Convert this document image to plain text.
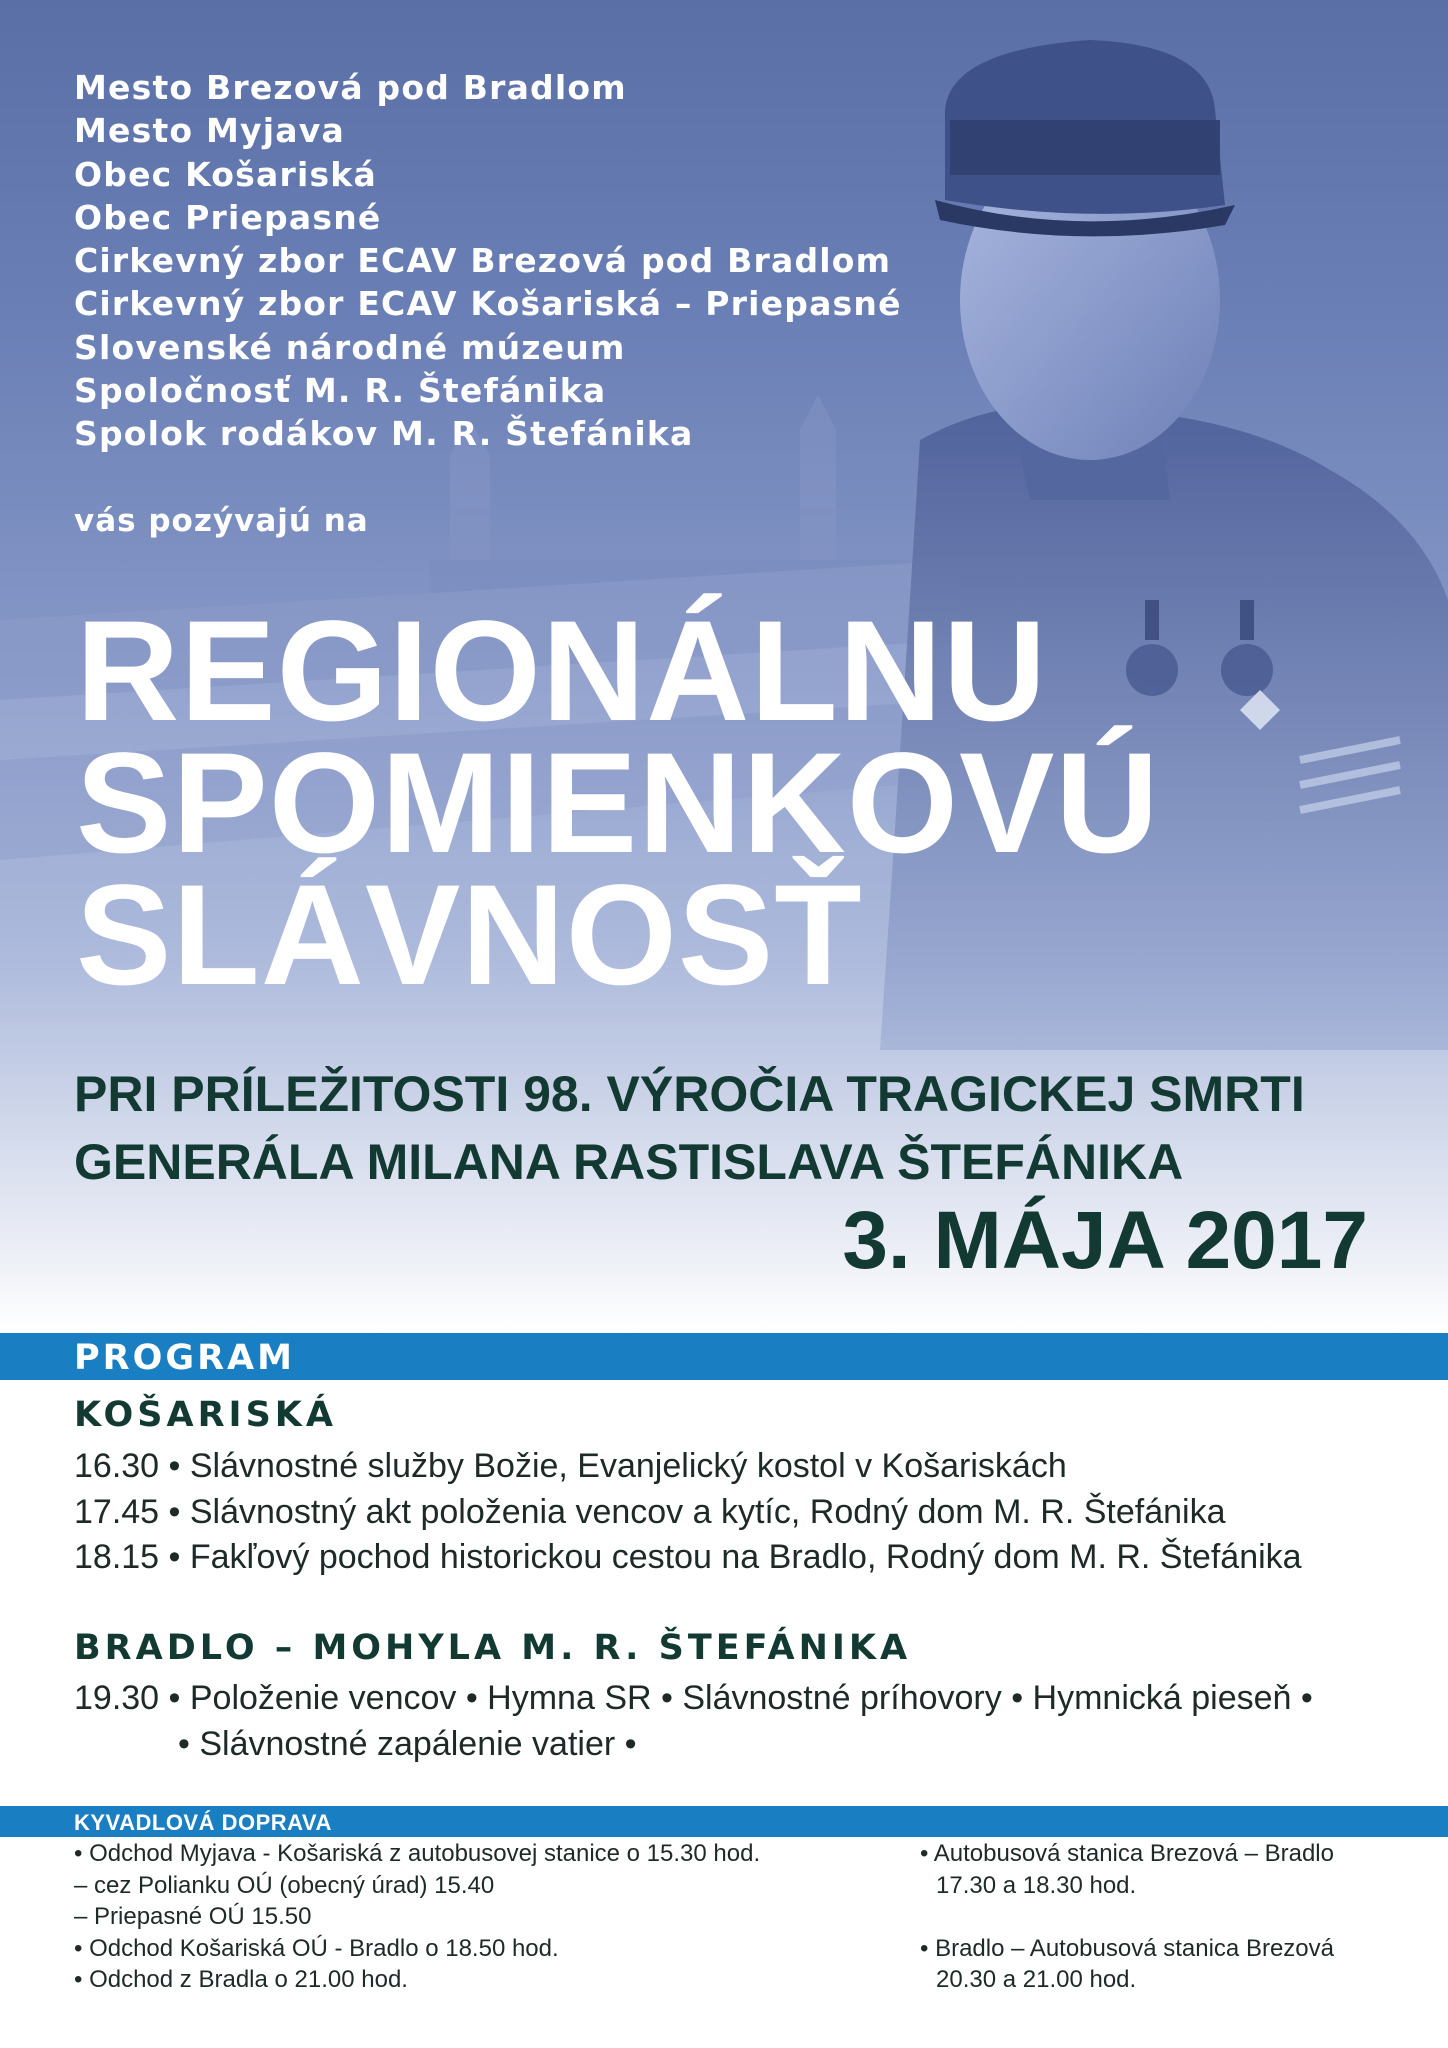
Mesto Brezová pod Bradlom
Mesto Myjava
Obec Košariská
Obec Priepasné
Cirkevný zbor ECAV Brezová pod Bradlom
Cirkevný zbor ECAV Košariská – Priepasné
Slovenské národné múzeum
Spoločnosť M. R. Štefánika
Spolok rodákov M. R. Štefánika
vás pozývajú na
REGIONÁLNU
SPOMIENKOVÚ
SLÁVNOSŤ
PRI PRÍLEŽITOSTI 98. VÝROČIA TRAGICKEJ SMRTI
GENERÁLA MILANA RASTISLAVA ŠTEFÁNIKA
3. MÁJA 2017
PROGRAM
KOŠARISKÁ
16.30 • Slávnostné služby Božie, Evanjelický kostol v Košariskách
17.45 • Slávnostný akt položenia vencov a kytíc, Rodný dom M. R. Štefánika
18.15 • Fakľový pochod historickou cestou na Bradlo, Rodný dom M. R. Štefánika
BRADLO – MOHYLA M. R. ŠTEFÁNIKA
19.30 • Položenie vencov • Hymna SR • Slávnostné príhovory • Hymnická pieseň •
• Slávnostné zapálenie vatier •
KYVADLOVÁ DOPRAVA
• Odchod Myjava - Košariská z autobusovej stanice o 15.30 hod.
– cez Polianku OÚ (obecný úrad) 15.40
– Priepasné OÚ 15.50
• Odchod Košariská OÚ - Bradlo o 18.50 hod.
• Odchod z Bradla o 21.00 hod.
• Autobusová stanica Brezová – Bradlo
17.30 a 18.30 hod.
• Bradlo – Autobusová stanica Brezová
20.30 a 21.00 hod.
